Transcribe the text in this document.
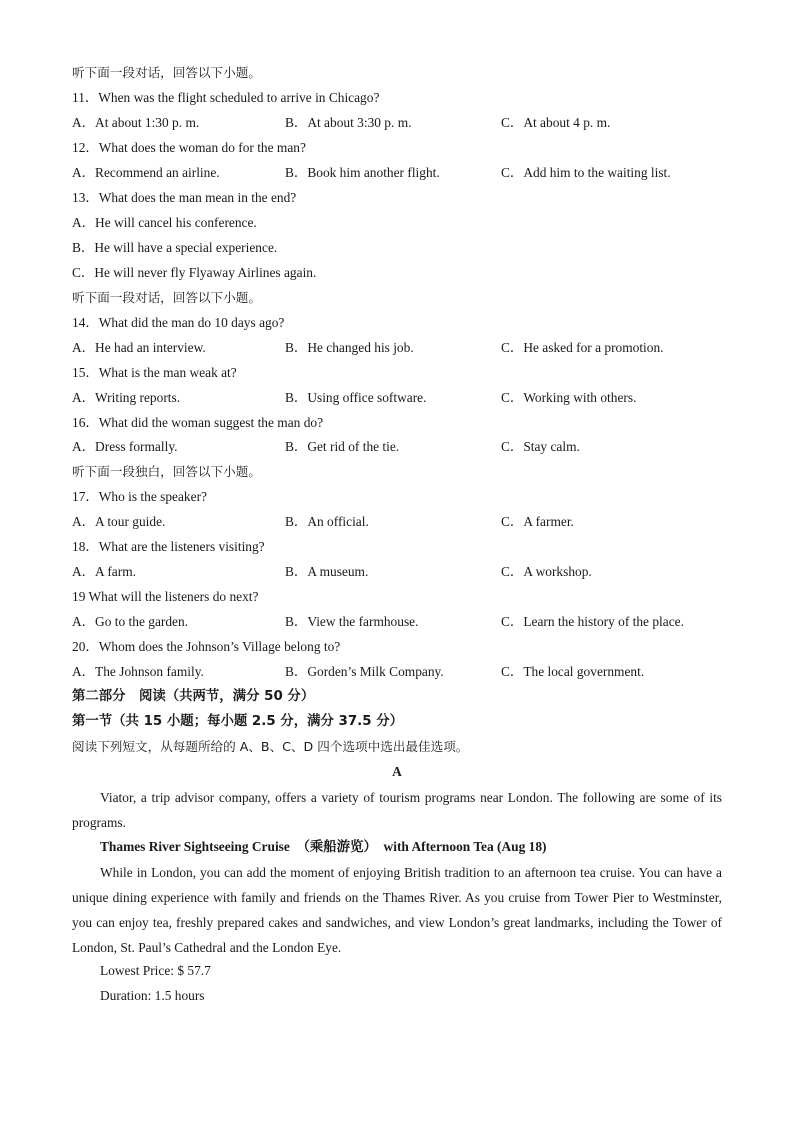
听下面一段对话，回答以下小题。
11．When was the flight scheduled to arrive in Chicago?
A．At about 1:30 p. m.	B．At about 3:30 p. m.	C．At about 4 p. m.
12．What does the woman do for the man?
A．Recommend an airline.	B．Book him another flight.	C．Add him to the waiting list.
13．What does the man mean in the end?
A．He will cancel his conference.
B．He will have a special experience.
C．He will never fly Flyaway Airlines again.
听下面一段对话，回答以下小题。
14．What did the man do 10 days ago?
A．He had an interview.	B．He changed his job.	C．He asked for a promotion.
15．What is the man weak at?
A．Writing reports.	B．Using office software.	C．Working with others.
16．What did the woman suggest the man do?
A．Dress formally.	B．Get rid of the tie.	C．Stay calm.
听下面一段独白，回答以下小题。
17．Who is the speaker?
A．A tour guide.	B．An official.	C．A farmer.
18．What are the listeners visiting?
A．A farm.	B．A museum.	C．A workshop.
19 What will the listeners do next?
A．Go to the garden.	B．View the farmhouse.	C．Learn the history of the place.
20．Whom does the Johnson’s Village belong to?
A．The Johnson family.	B．Gorden’s Milk Company.	C．The local government.
第二部分　阅读（共两节，满分 50 分）
第一节（共 15 小题；每小题 2.5 分，满分 37.5 分）
阅读下列短文，从每题所给的 A、B、C、D 四个选项中选出最佳选项。
A
Viator, a trip advisor company, offers a variety of tourism programs near London. The following are some of its programs.
Thames River Sightseeing Cruise　（乘船游览）　with Afternoon Tea (Aug 18)
While in London, you can add the moment of enjoying British tradition to an afternoon tea cruise. You can have a unique dining experience with family and friends on the Thames River. As you cruise from Tower Pier to Westminster, you can enjoy tea, freshly prepared cakes and sandwiches, and view London’s great landmarks, including the Tower of London, St. Paul’s Cathedral and the London Eye.
Lowest Price: $ 57.7
Duration: 1.5 hours
